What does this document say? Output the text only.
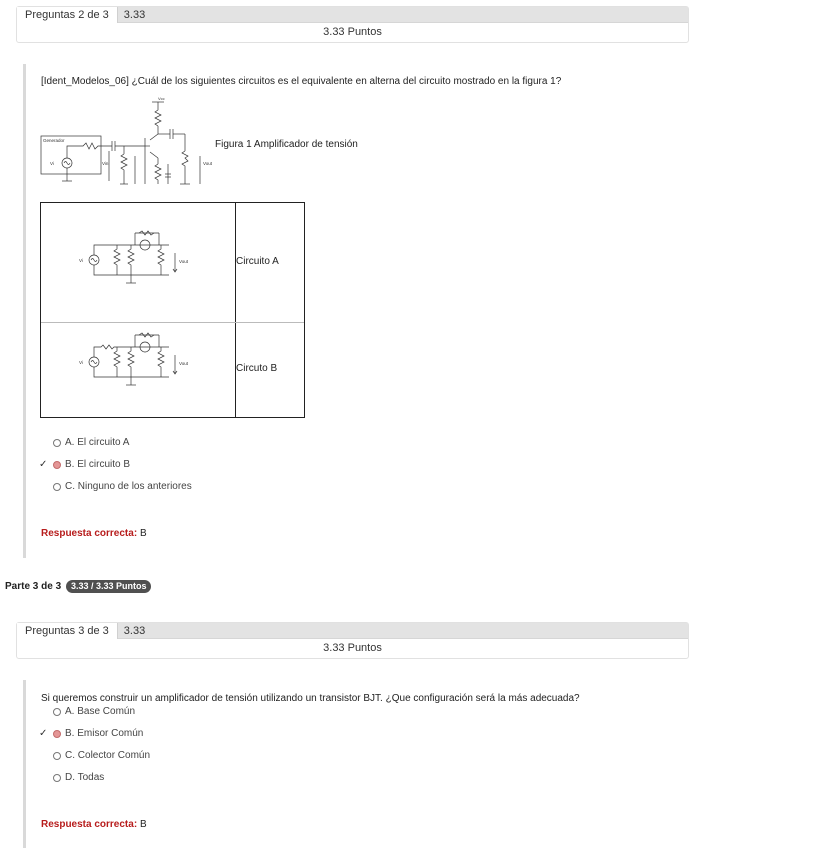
Preguntas 2 de 3 3.33
3.33 Puntos
[Ident_Modelos_06] ¿Cuál de los siguientes circuitos es el equivalente en alterna del circuito mostrado en la figura 1?
Generador
Vi	Vin	Vout
Vcc
Figura 1 Amplificador de tensión
Vi	Vout	Circuito A
Vi	Vout	Circuto B
A. El circuito A
✓ B. El circuito B
C. Ninguno de los anteriores
Respuesta correcta: B
Parte 3 de 3 3.33 / 3.33 Puntos
Preguntas 3 de 3 3.33
3.33 Puntos
Si queremos construir un amplificador de tensión utilizando un transistor BJT. ¿Que configuración será la más adecuada?
A. Base Común
✓ B. Emisor Común
C. Colector Común
D. Todas
Respuesta correcta: B
